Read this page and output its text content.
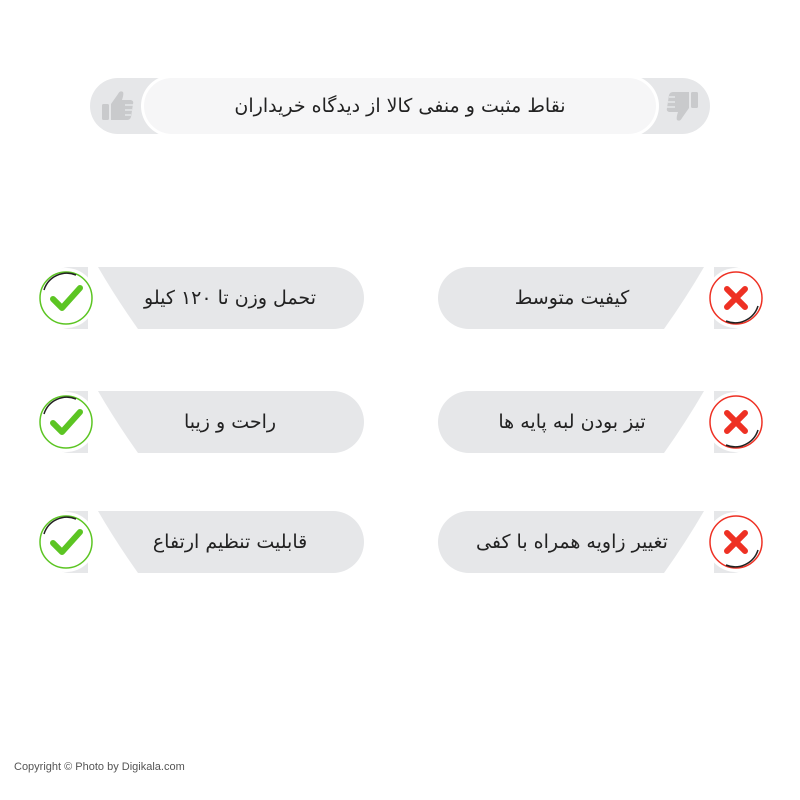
نقاط مثبت و منفی کالا از دیدگاه خریداران
تحمل وزن تا ۱۲۰ کیلو
راحت و زیبا
قابلیت تنظیم ارتفاع
کیفیت متوسط
تیز بودن لبه پایه ها
تغییر زاویه همراه با کفی
Copyright © Photo by Digikala.com
